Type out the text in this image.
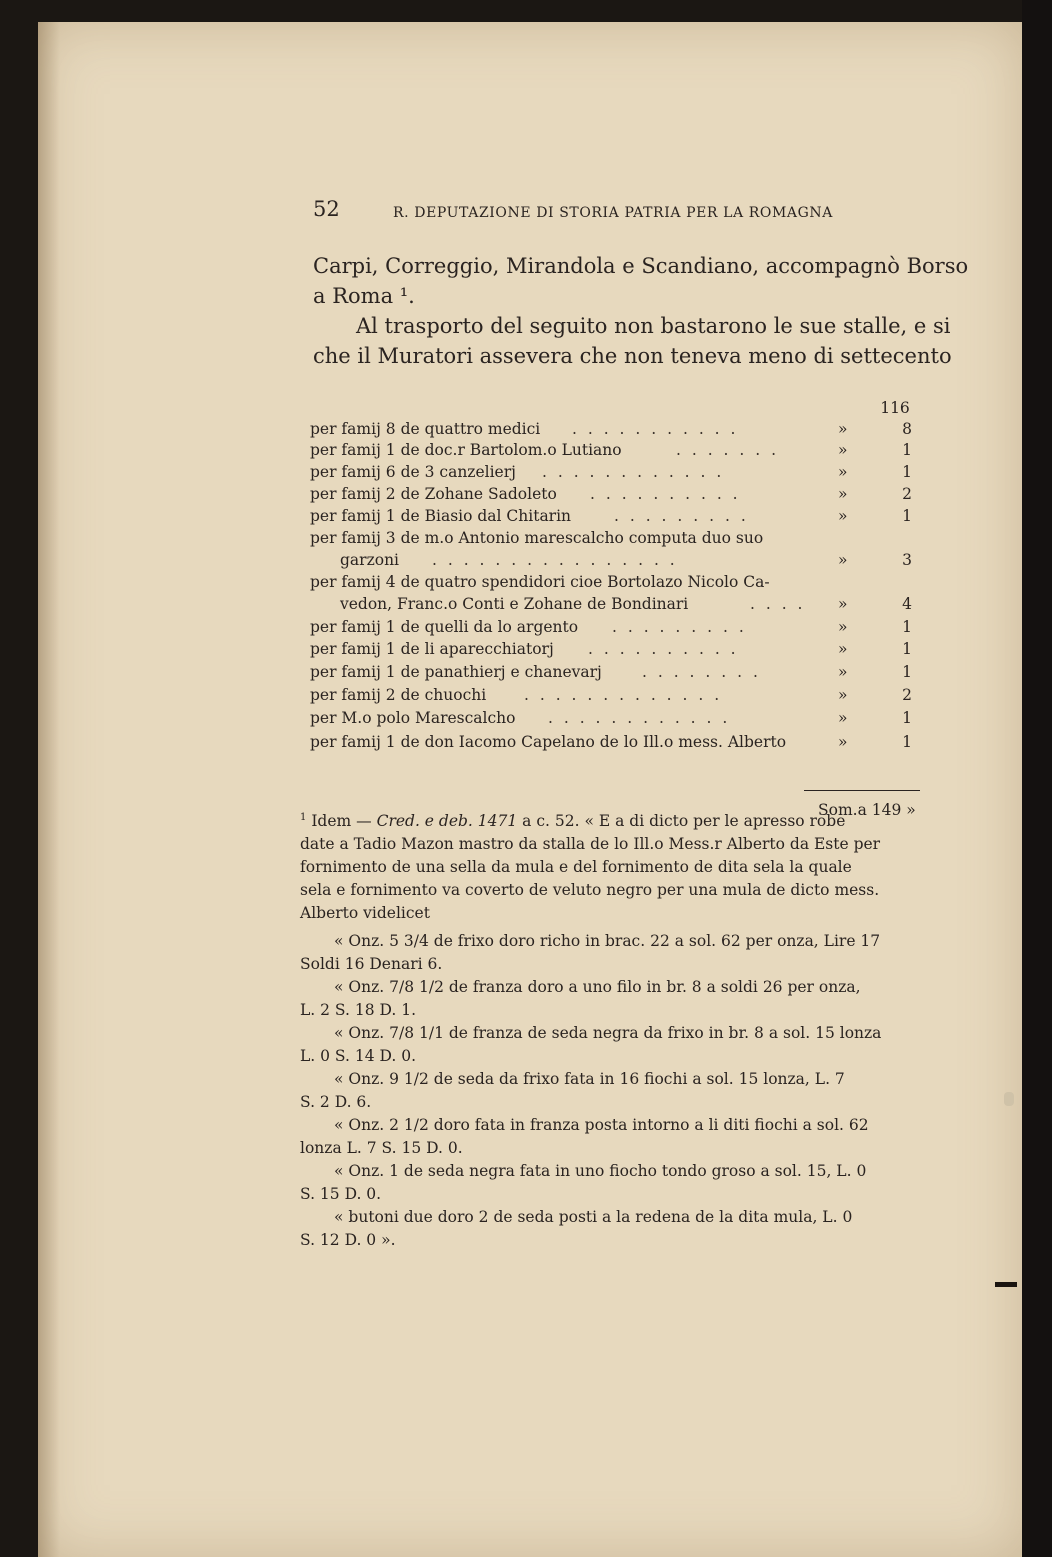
52	R. DEPUTAZIONE DI STORIA PATRIA PER LA ROMAGNA
Carpi, Correggio, Mirandola e Scandiano, accompagnò Borso
a Roma ¹.
Al trasporto del seguito non bastarono le sue stalle, e si
che il Muratori assevera che non teneva meno di settecento
116
per famij 8 de quattro medici . . . . . . . . . . .	»	8
per famij 1 de doc.r Bartolom.o Lutiano	. . . . . . .	»	1
per famij 6 de 3 canzelierj . . . . . . . . . . . .	»	1
per famij 2 de Zohane Sadoleto . . . . . . . . . .	»	2
per famij 1 de Biasio dal Chitarin	. . . . . . . . .	»	1
per famij 3 de m.o Antonio marescalcho computa duo suo
garzoni . . . . . . . . . . . . . . . .	»	3
per famij 4 de quatro spendidori cioe Bortolazo Nicolo Ca-
vedon, Franc.o Conti e Zohane de Bondinari	. . . . »	4
per famij 1 de quelli da lo argento . . . . . . . . .	»	1
per famij 1 de li aparecchiatorj . . . . . . . . . .	»	1
per famij 1 de panathierj e chanevarj	. . . . . . . .	»	1
per famij 2 de chuochi . . . . . . . . . . . . .	»	2
per M.o polo Marescalcho . . . . . . . . . . . .	»	1
per famij 1 de don Iacomo Capelano de lo Ill.o mess. Alberto	»	1
Som.a 149 »
$^1$ Idem — Cred. e deb. 1471 a c. 52. « E a di dicto per le apresso robe
date a Tadio Mazon mastro da stalla de lo Ill.o Mess.r Alberto da Este per
fornimento de una sella da mula e del fornimento de dita sela la quale
sela e fornimento va coverto de veluto negro per una mula de dicto mess.
Alberto videlicet
« Onz. 5 3/4 de frixo doro richo in brac. 22 a sol. 62 per onza, Lire 17
Soldi 16 Denari 6.
« Onz. 7/8 1/2 de franza doro a uno filo in br. 8 a soldi 26 per onza,
L. 2 S. 18 D. 1.
« Onz. 7/8 1/1 de franza de seda negra da frixo in br. 8 a sol. 15 lonza
L. 0 S. 14 D. 0.
« Onz. 9 1/2 de seda da frixo fata in 16 fiochi a sol. 15 lonza, L. 7
S. 2 D. 6.
« Onz. 2 1/2 doro fata in franza posta intorno a li diti fiochi a sol. 62
lonza L. 7 S. 15 D. 0.
« Onz. 1 de seda negra fata in uno fiocho tondo groso a sol. 15, L. 0
S. 15 D. 0.
« butoni due doro 2 de seda posti a la redena de la dita mula, L. 0
S. 12 D. 0 ».
